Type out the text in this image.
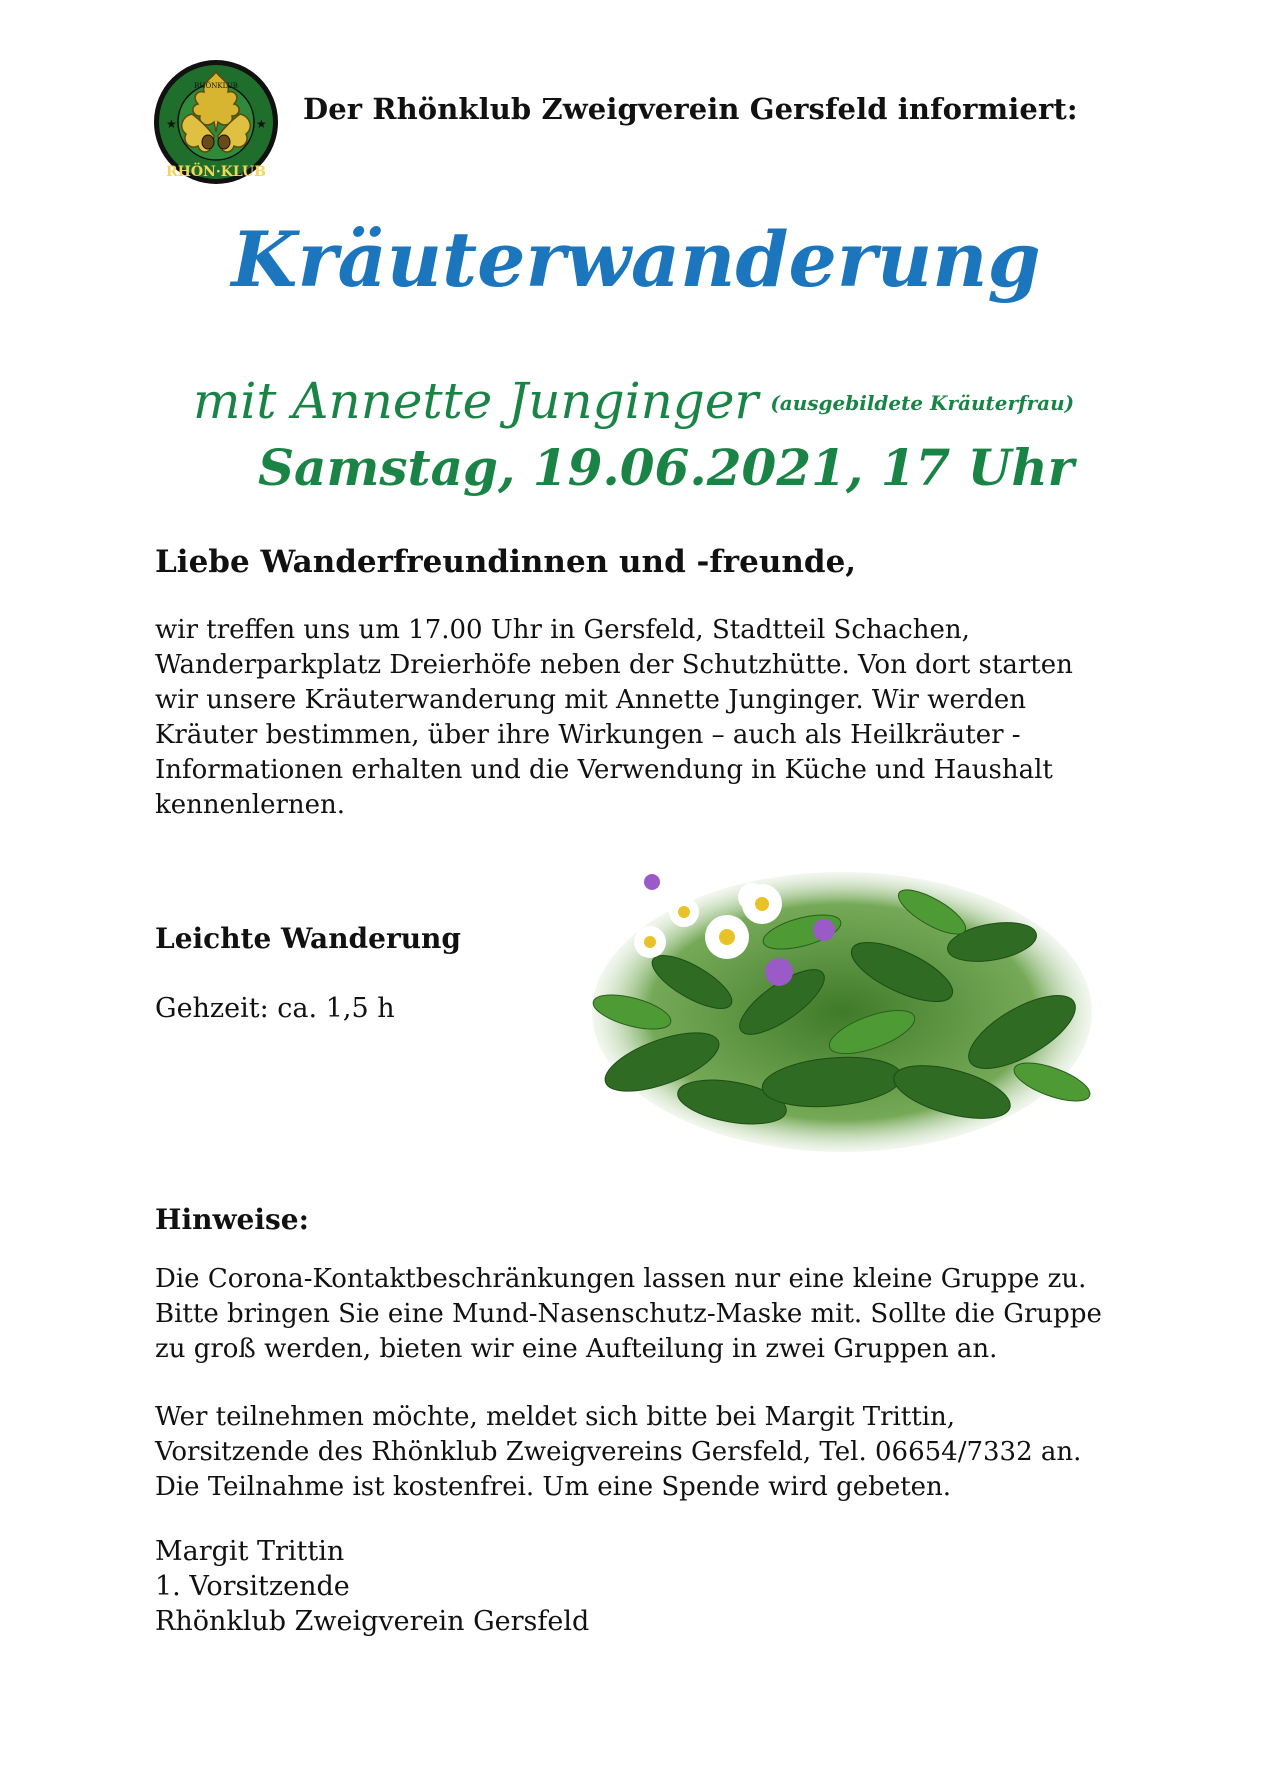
★	★
RHÖNKLUB
RHÖN·KLUB
Der Rhönklub Zweigverein Gersfeld informiert:
Kräuterwanderung
mit Annette Junginger (ausgebildete Kräuterfrau)
Samstag, 19.06.2021, 17 Uhr
Liebe Wanderfreundinnen und -freunde,
wir treffen uns um 17.00 Uhr in Gersfeld, Stadtteil Schachen,
Wanderparkplatz Dreierhöfe neben der Schutzhütte. Von dort starten
wir unsere Kräuterwanderung mit Annette Junginger. Wir werden
Kräuter bestimmen, über ihre Wirkungen – auch als Heilkräuter -
Informationen erhalten und die Verwendung in Küche und Haushalt
kennenlernen.
Leichte Wanderung
Gehzeit: ca. 1,5 h
Hinweise:
Die Corona-Kontaktbeschränkungen lassen nur eine kleine Gruppe zu.
Bitte bringen Sie eine Mund-Nasenschutz-Maske mit. Sollte die Gruppe
zu groß werden, bieten wir eine Aufteilung in zwei Gruppen an.
Wer teilnehmen möchte, meldet sich bitte bei Margit Trittin,
Vorsitzende des Rhönklub Zweigvereins Gersfeld, Tel. 06654/7332 an.
Die Teilnahme ist kostenfrei. Um eine Spende wird gebeten.
Margit Trittin
1. Vorsitzende
Rhönklub Zweigverein Gersfeld
